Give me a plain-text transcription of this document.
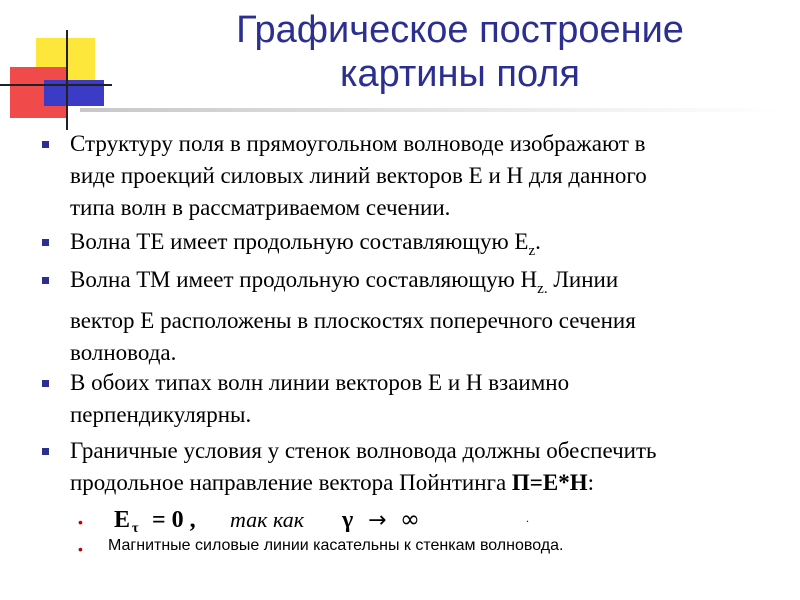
Графическое построение
картины поля
Структуру поля в прямоугольном волноводе изображают в
виде проекций силовых линий векторов Е и Н для данного
типа волн в рассматриваемом сечении.
Волна ТЕ имеет продольную составляющую $Е_z$.
Волна ТМ имеет продольную составляющую $Н_{z.}$ Линии
вектор Е расположены в плоскостях поперечного сечения
волновода.
В обоих типах волн линии векторов Е и Н взаимно
перпендикулярны.
Граничные условия у стенок волновода должны обеспечить
продольное направление вектора Пойнтинга П=Е*Н:
• E τ = 0 , так как γ → ∞	.
• Магнитные силовые линии касательны к стенкам волновода.
